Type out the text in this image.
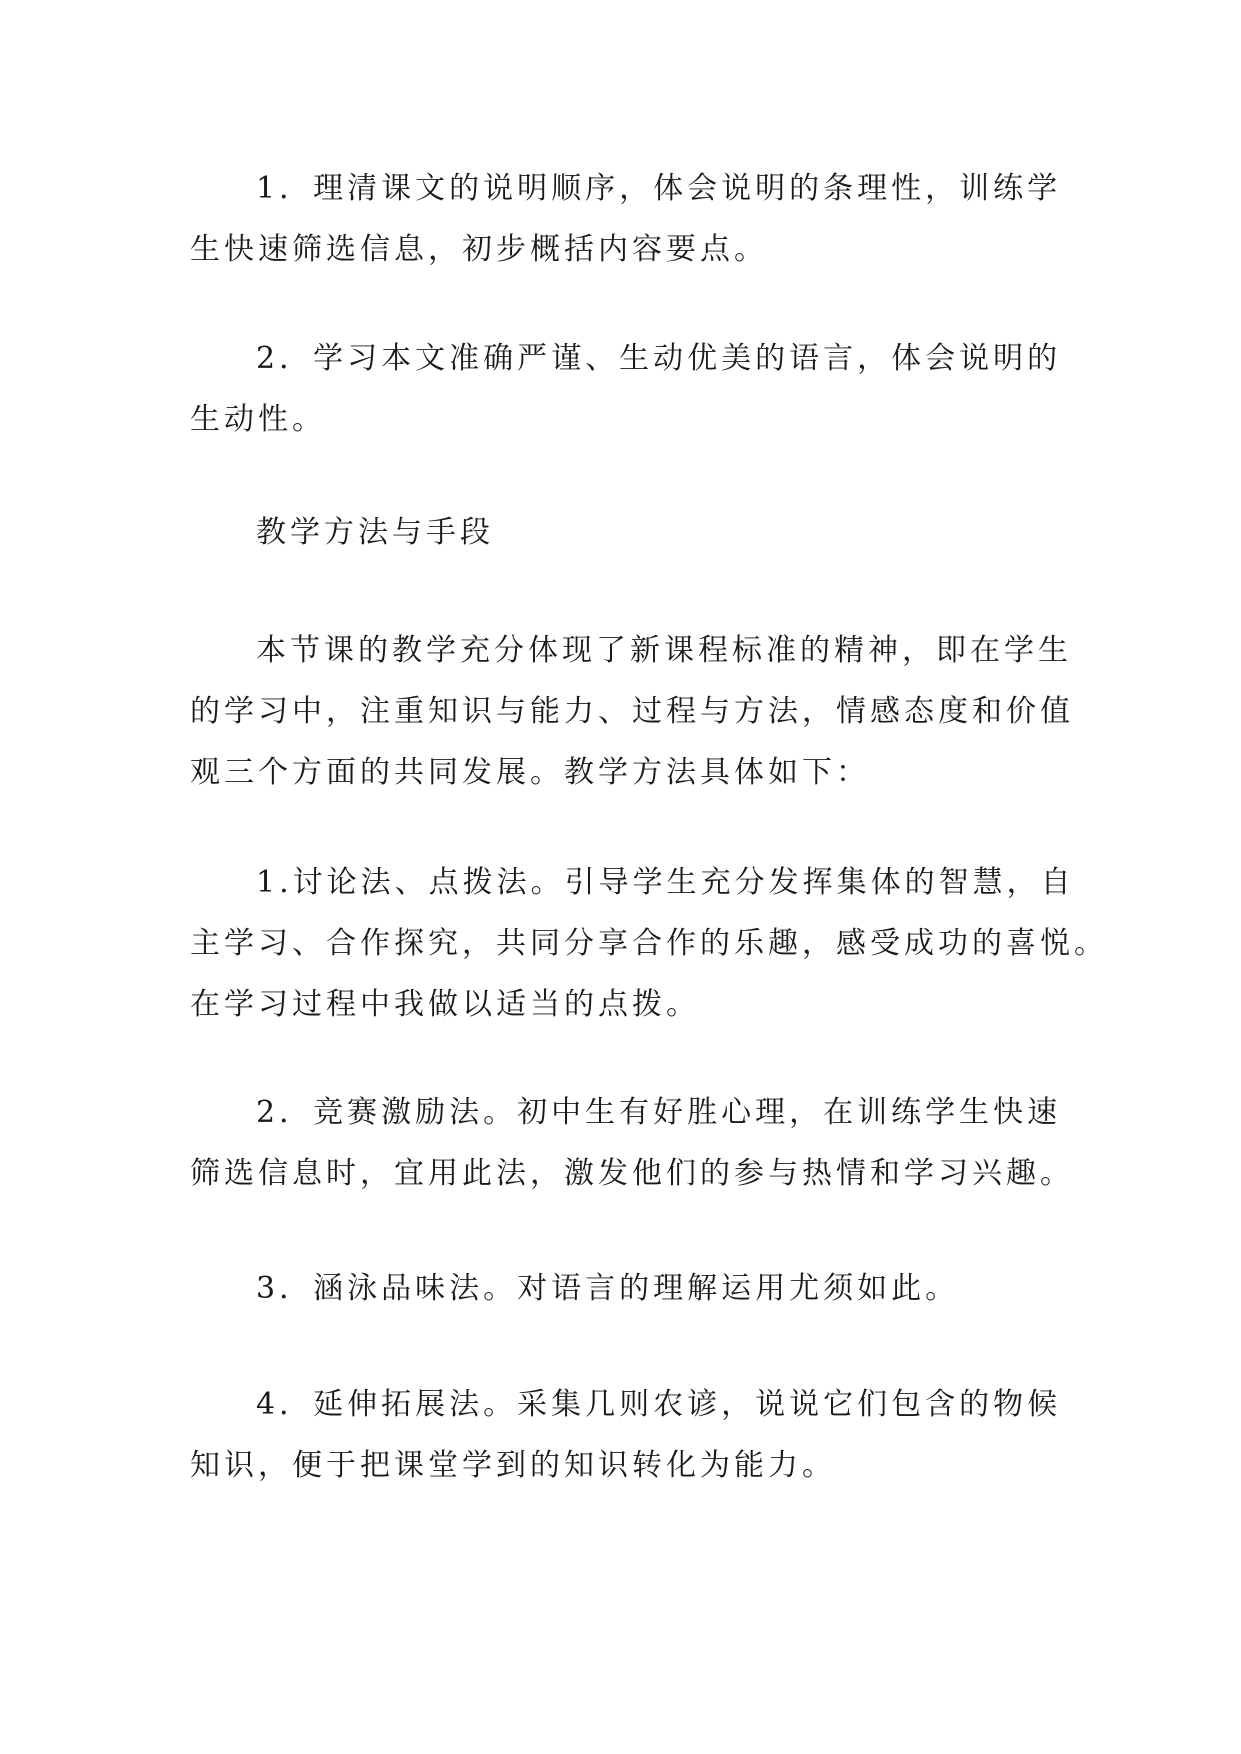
1．理清课文的说明顺序，体会说明的条理性，训练学
生快速筛选信息，初步概括内容要点。
2．学习本文准确严谨、生动优美的语言，体会说明的
生动性。
教学方法与手段
本节课的教学充分体现了新课程标准的精神，即在学生
的学习中，注重知识与能力、过程与方法，情感态度和价值
观三个方面的共同发展。教学方法具体如下：
1.讨论法、点拨法。引导学生充分发挥集体的智慧，自
主学习、合作探究，共同分享合作的乐趣，感受成功的喜悦。
在学习过程中我做以适当的点拨。
2．竞赛激励法。初中生有好胜心理，在训练学生快速
筛选信息时，宜用此法，激发他们的参与热情和学习兴趣。
3．涵泳品味法。对语言的理解运用尤须如此。
4．延伸拓展法。采集几则农谚，说说它们包含的物候
知识，便于把课堂学到的知识转化为能力。
